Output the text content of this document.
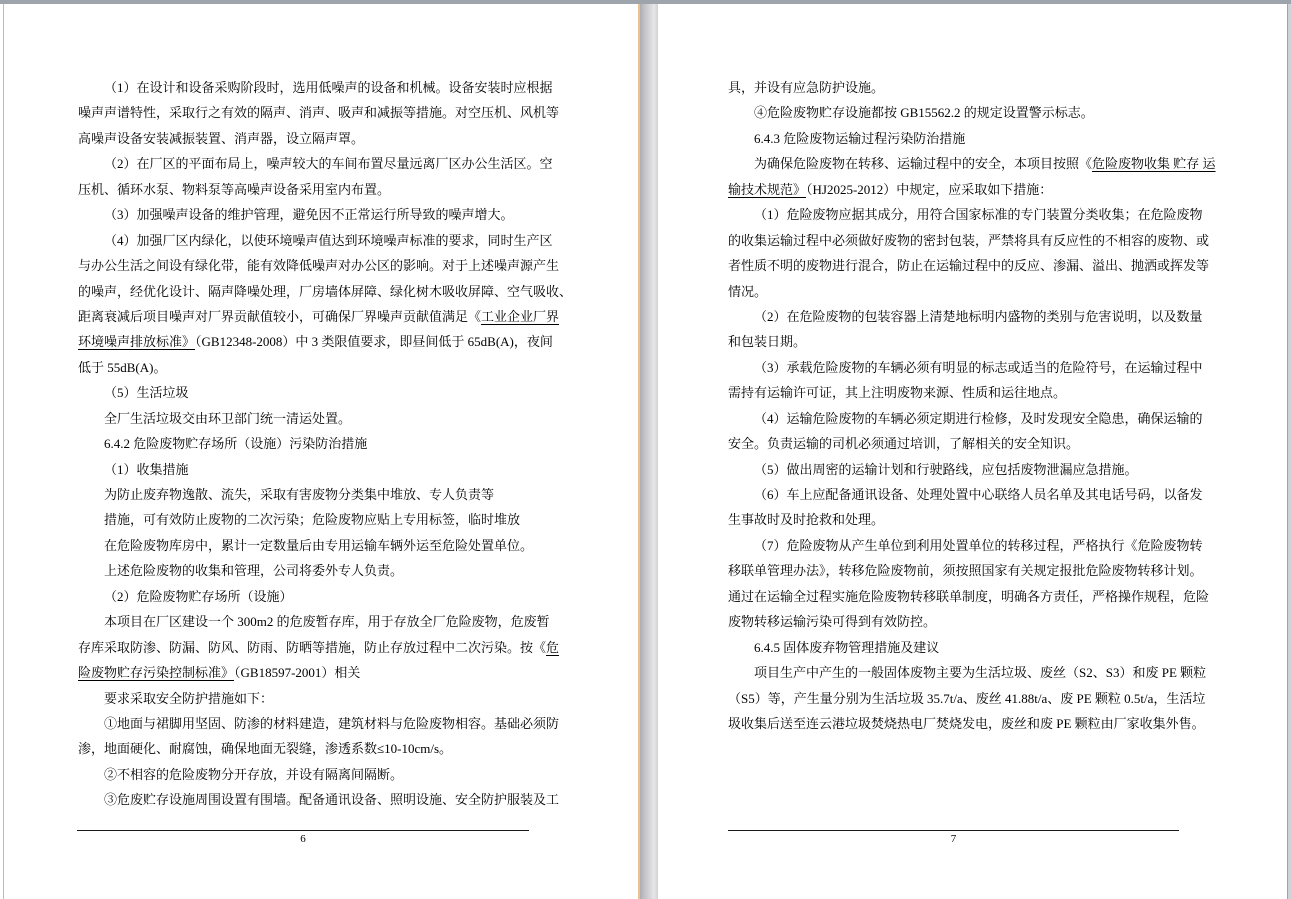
（1）在设计和设备采购阶段时，选用低噪声的设备和机械。设备安装时应根据
噪声声谱特性，采取行之有效的隔声、消声、吸声和减振等措施。对空压机、风机等
高噪声设备安装减振装置、消声器，设立隔声罩。
（2）在厂区的平面布局上，噪声较大的车间布置尽量远离厂区办公生活区。空
压机、循环水泵、物料泵等高噪声设备采用室内布置。
（3）加强噪声设备的维护管理，避免因不正常运行所导致的噪声增大。
（4）加强厂区内绿化，以使环境噪声值达到环境噪声标准的要求，同时生产区
与办公生活之间设有绿化带，能有效降低噪声对办公区的影响。对于上述噪声源产生
的噪声，经优化设计、隔声降噪处理，厂房墙体屏障、绿化树木吸收屏障、空气吸收、
距离衰减后项目噪声对厂界贡献值较小，可确保厂界噪声贡献值满足《工业企业厂界
环境噪声排放标准》（GB12348-2008）中 3 类限值要求，即昼间低于 65dB(A)，夜间
低于 55dB(A)。
（5）生活垃圾
全厂生活垃圾交由环卫部门统一清运处置。
6.4.2 危险废物贮存场所（设施）污染防治措施
（1）收集措施
为防止废弃物逸散、流失，采取有害废物分类集中堆放、专人负责等
措施，可有效防止废物的二次污染；危险废物应贴上专用标签，临时堆放
在危险废物库房中，累计一定数量后由专用运输车辆外运至危险处置单位。
上述危险废物的收集和管理，公司将委外专人负责。
（2）危险废物贮存场所（设施）
本项目在厂区建设一个 300m2 的危废暂存库，用于存放全厂危险废物，危废暂
存库采取防渗、防漏、防风、防雨、防晒等措施，防止存放过程中二次污染。按《危
险废物贮存污染控制标准》（GB18597-2001）相关
要求采取安全防护措施如下：
①地面与裙脚用坚固、防渗的材料建造，建筑材料与危险废物相容。基础必须防
渗，地面硬化、耐腐蚀，确保地面无裂缝，渗透系数≤10-10cm/s。
②不相容的危险废物分开存放，并设有隔离间隔断。
③危废贮存设施周围设置有围墙。配备通讯设备、照明设施、安全防护服装及工
6
具，并设有应急防护设施。
④危险废物贮存设施都按 GB15562.2 的规定设置警示标志。
6.4.3 危险废物运输过程污染防治措施
为确保危险废物在转移、运输过程中的安全，本项目按照《危险废物收集 贮存 运
输技术规范》（HJ2025-2012）中规定，应采取如下措施：
（1）危险废物应据其成分，用符合国家标准的专门装置分类收集；在危险废物
的收集运输过程中必须做好废物的密封包装，严禁将具有反应性的不相容的废物、或
者性质不明的废物进行混合，防止在运输过程中的反应、渗漏、溢出、抛洒或挥发等
情况。
（2）在危险废物的包装容器上清楚地标明内盛物的类别与危害说明，以及数量
和包装日期。
（3）承载危险废物的车辆必须有明显的标志或适当的危险符号，在运输过程中
需持有运输许可证，其上注明废物来源、性质和运往地点。
（4）运输危险废物的车辆必须定期进行检修，及时发现安全隐患，确保运输的
安全。负责运输的司机必须通过培训，了解相关的安全知识。
（5）做出周密的运输计划和行驶路线，应包括废物泄漏应急措施。
（6）车上应配备通讯设备、处理处置中心联络人员名单及其电话号码，以备发
生事故时及时抢救和处理。
（7）危险废物从产生单位到利用处置单位的转移过程，严格执行《危险废物转
移联单管理办法》，转移危险废物前，须按照国家有关规定报批危险废物转移计划。
通过在运输全过程实施危险废物转移联单制度，明确各方责任，严格操作规程，危险
废物转移运输污染可得到有效防控。
6.4.5 固体废弃物管理措施及建议
项目生产中产生的一般固体废物主要为生活垃圾、废丝（S2、S3）和废 PE 颗粒
（S5）等，产生量分别为生活垃圾 35.7t/a、废丝 41.88t/a、废 PE 颗粒 0.5t/a，生活垃
圾收集后送至连云港垃圾焚烧热电厂焚烧发电，废丝和废 PE 颗粒由厂家收集外售。
7
